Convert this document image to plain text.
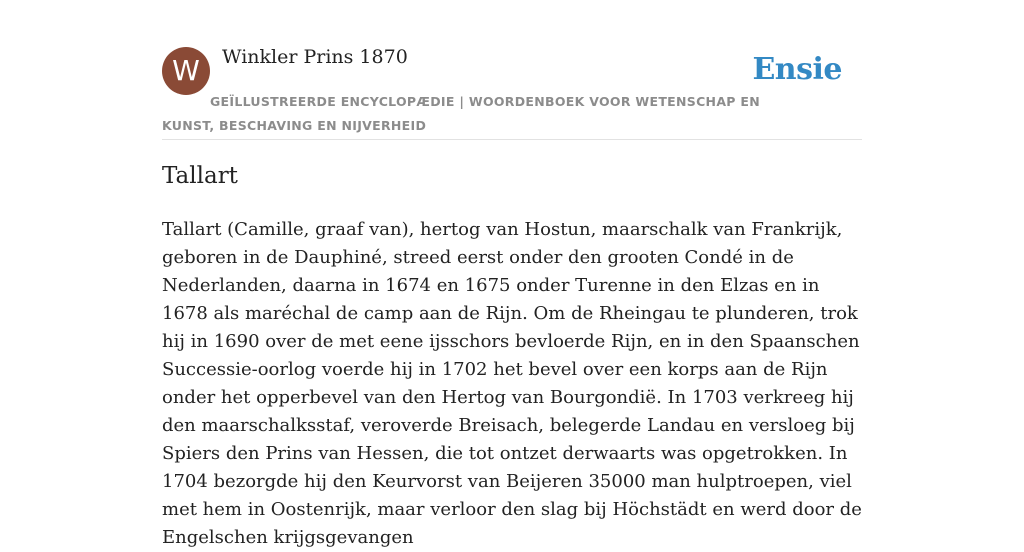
W	Winkler Prins 1870	Ensie
GEÏLLUSTREERDE ENCYCLOPÆDIE | WOORDENBOEK VOOR WETENSCHAP EN KUNST, BESCHAVING EN NIJVERHEID
Tallart

Tallart (Camille, graaf van), hertog van Hostun, maarschalk van Frankrijk, geboren in de Dauphiné, streed eerst onder den grooten Condé in de Nederlanden, daarna in 1674 en 1675 onder Turenne in den Elzas en in 1678 als maréchal de camp aan de Rijn. Om de Rheingau te plunderen, trok hij in 1690 over de met eene ijsschors bevloerde Rijn, en in den Spaanschen Successie-oorlog voerde hij in 1702 het bevel over een korps aan de Rijn onder het opperbevel van den Hertog van Bourgondië. In 1703 verkreeg hij den maarschalksstaf, veroverde Breisach, belegerde Landau en versloeg bij Spiers den Prins van Hessen, die tot ontzet derwaarts was opgetrokken. In 1704 bezorgde hij den Keurvorst van Beijeren 35000 man hulptroepen, viel met hem in Oostenrijk, maar verloor den slag bij Höchstädt en werd door de Engelschen krijgsgevangen
